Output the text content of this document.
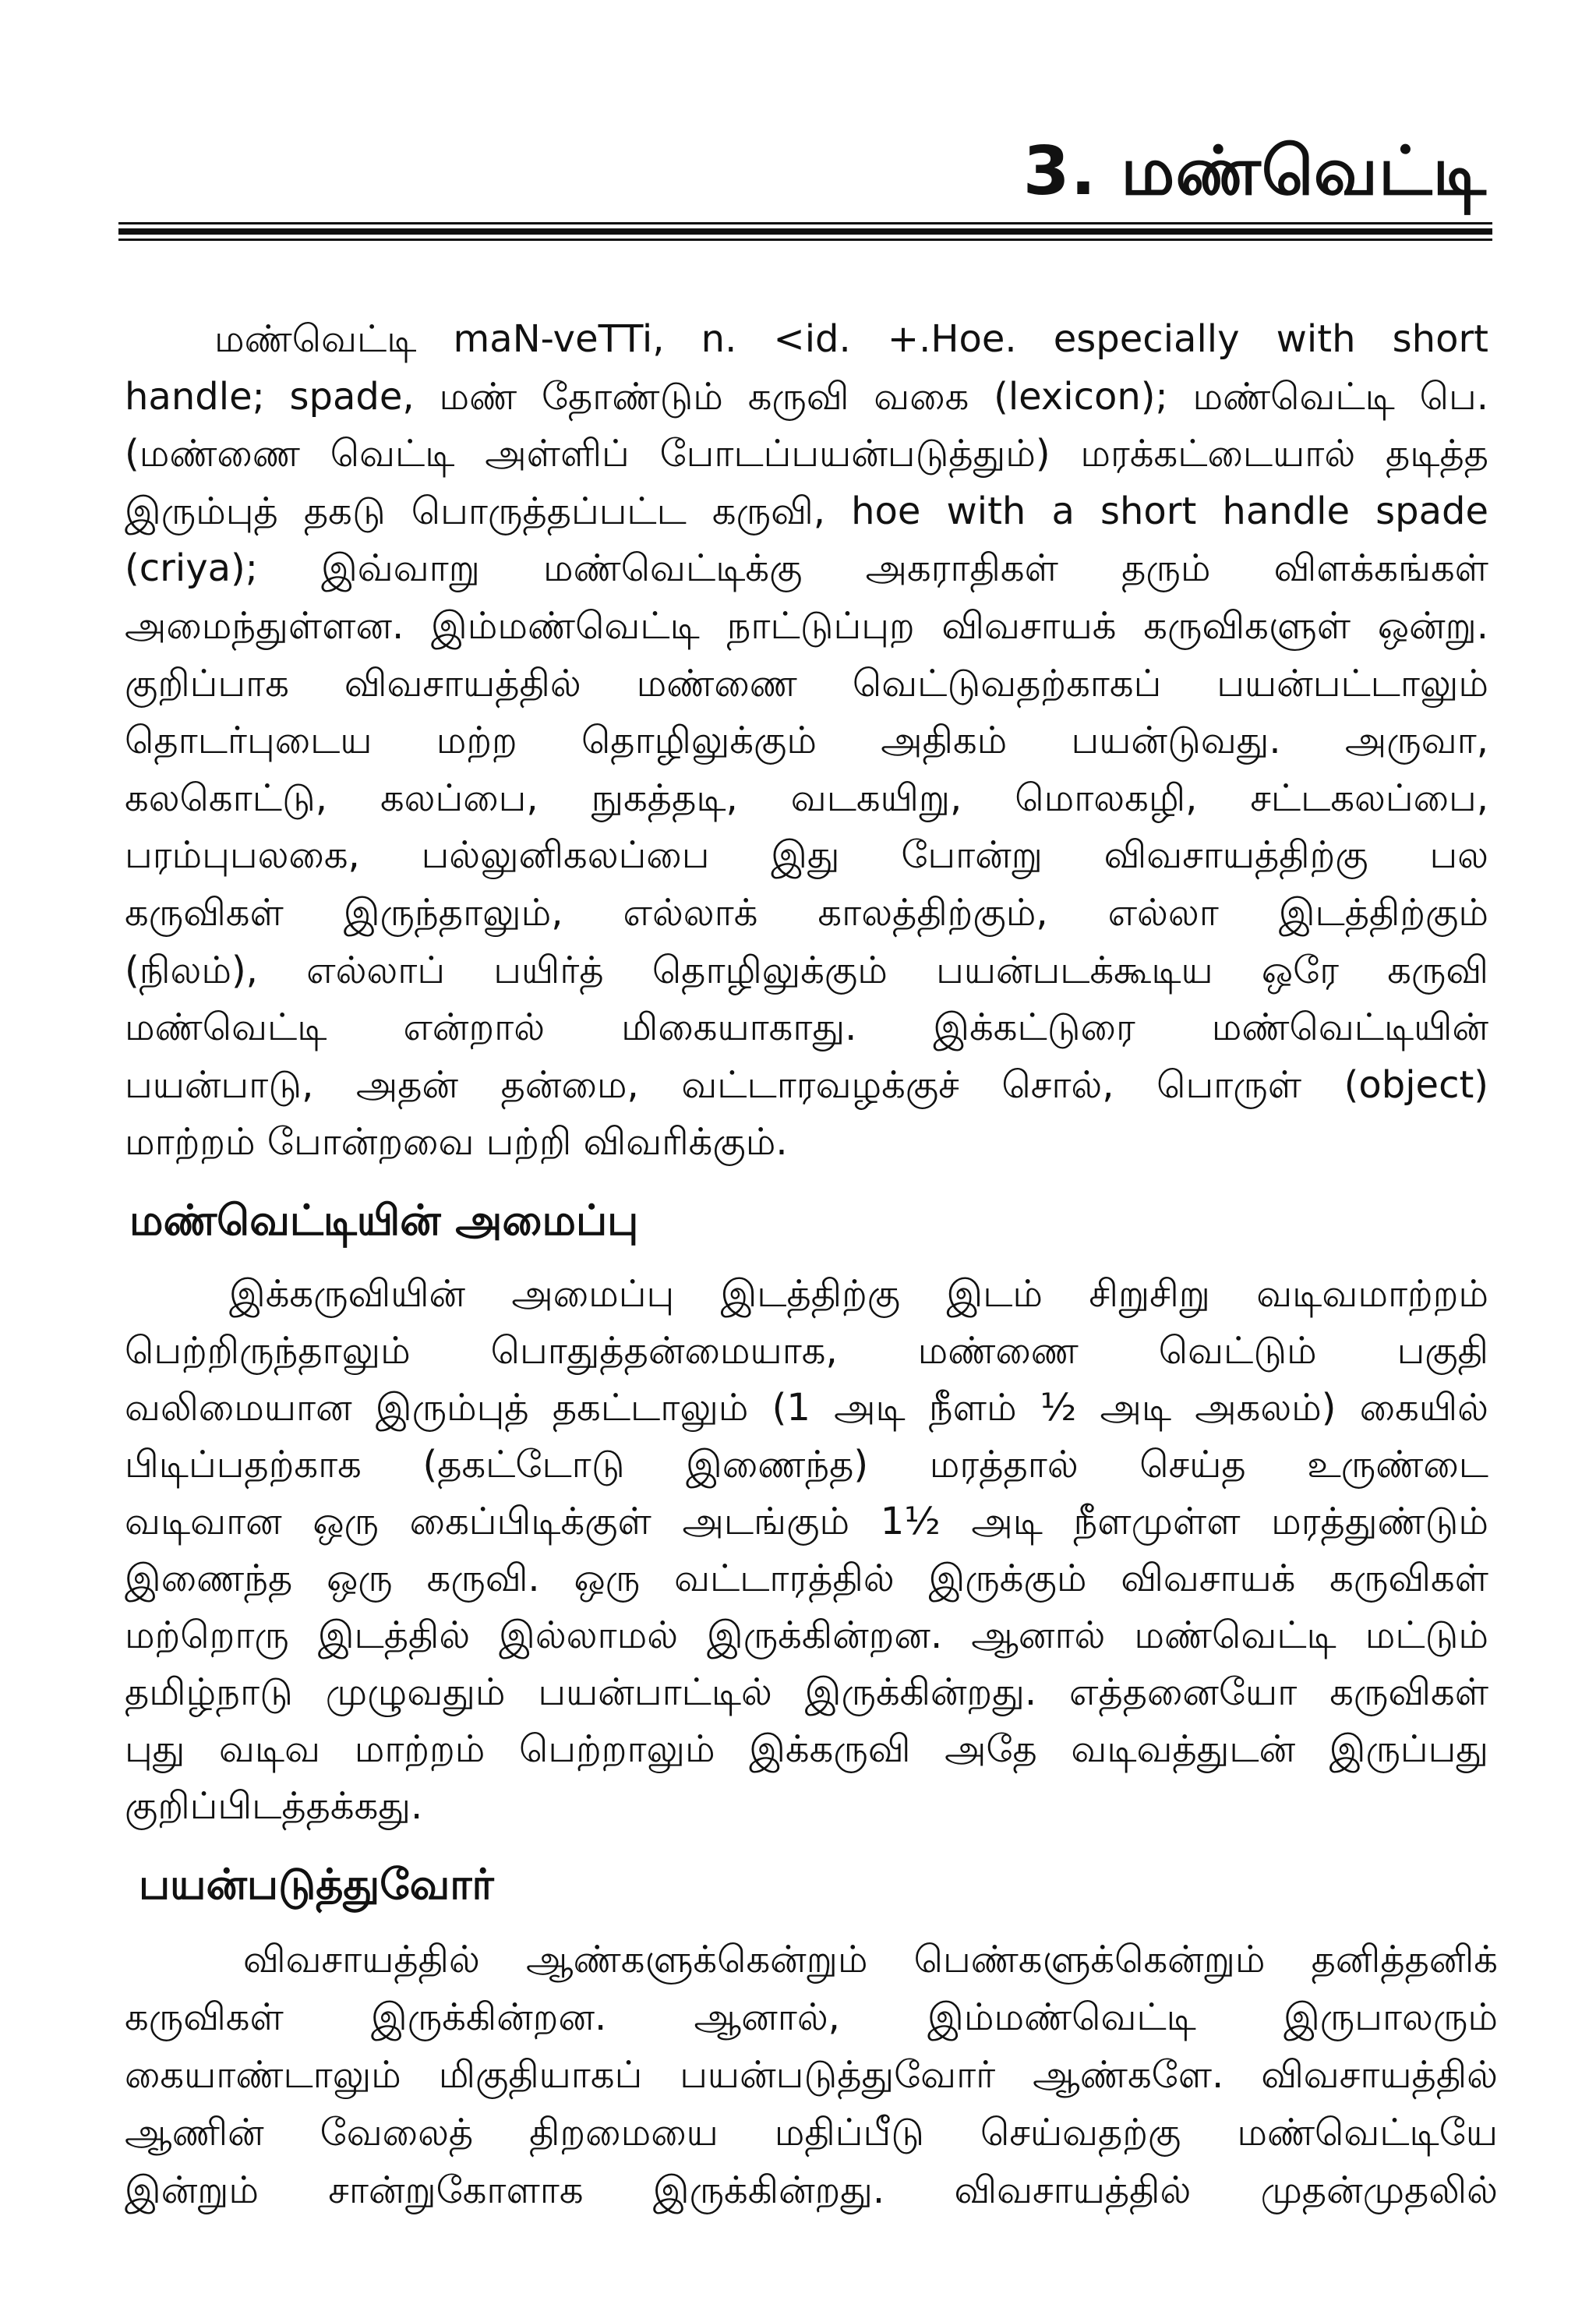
3. மண்வெட்டி
மண்வெட்டி maN-veTTi, n. <id. +.Hoe. especially with short
handle; spade, மண் தோண்டும் கருவி வகை (lexicon); மண்வெட்டி பெ.
(மண்ணை வெட்டி அள்ளிப் போடப்பயன்படுத்தும்) மரக்கட்டையால் தடித்த
இரும்புத் தகடு பொருத்தப்பட்ட கருவி, hoe with a short handle spade
(criya); இவ்வாறு மண்வெட்டிக்கு அகராதிகள் தரும் விளக்கங்கள்
அமைந்துள்ளன. இம்மண்வெட்டி நாட்டுப்புற விவசாயக் கருவிகளுள் ஒன்று.
குறிப்பாக விவசாயத்தில் மண்ணை வெட்டுவதற்காகப் பயன்பட்டாலும்
தொடர்புடைய மற்ற தொழிலுக்கும் அதிகம் பயன்டுவது. அருவா,
கலகொட்டு, கலப்பை, நுகத்தடி, வடகயிறு, மொலகழி, சட்டகலப்பை,
பரம்புபலகை, பல்லுனிகலப்பை இது போன்று விவசாயத்திற்கு பல
கருவிகள் இருந்தாலும், எல்லாக் காலத்திற்கும், எல்லா இடத்திற்கும்
(நிலம்), எல்லாப் பயிர்த் தொழிலுக்கும் பயன்படக்கூடிய ஒரே கருவி
மண்வெட்டி என்றால் மிகையாகாது. இக்கட்டுரை மண்வெட்டியின்
பயன்பாடு, அதன் தன்மை, வட்டாரவழக்குச் சொல், பொருள் (object)
மாற்றம் போன்றவை பற்றி விவரிக்கும்.
மண்வெட்டியின் அமைப்பு
இக்கருவியின் அமைப்பு இடத்திற்கு இடம் சிறுசிறு வடிவமாற்றம்
பெற்றிருந்தாலும் பொதுத்தன்மையாக, மண்ணை வெட்டும் பகுதி
வலிமையான இரும்புத் தகட்டாலும் (1 அடி நீளம் ½ அடி அகலம்) கையில்
பிடிப்பதற்காக (தகட்டோடு இணைந்த) மரத்தால் செய்த உருண்டை
வடிவான ஒரு கைப்பிடிக்குள் அடங்கும் 1½ அடி நீளமுள்ள மரத்துண்டும்
இணைந்த ஒரு கருவி. ஒரு வட்டாரத்தில் இருக்கும் விவசாயக் கருவிகள்
மற்றொரு இடத்தில் இல்லாமல் இருக்கின்றன. ஆனால் மண்வெட்டி மட்டும்
தமிழ்நாடு முழுவதும் பயன்பாட்டில் இருக்கின்றது. எத்தனையோ கருவிகள்
புது வடிவ மாற்றம் பெற்றாலும் இக்கருவி அதே வடிவத்துடன் இருப்பது
குறிப்பிடத்தக்கது.
பயன்படுத்துவோர்
விவசாயத்தில் ஆண்களுக்கென்றும் பெண்களுக்கென்றும் தனித்தனிக்
கருவிகள் இருக்கின்றன. ஆனால், இம்மண்வெட்டி இருபாலரும்
கையாண்டாலும் மிகுதியாகப் பயன்படுத்துவோர் ஆண்களே. விவசாயத்தில்
ஆணின் வேலைத் திறமையை மதிப்பீடு செய்வதற்கு மண்வெட்டியே
இன்றும் சான்றுகோளாக இருக்கின்றது. விவசாயத்தில் முதன்முதலில்
